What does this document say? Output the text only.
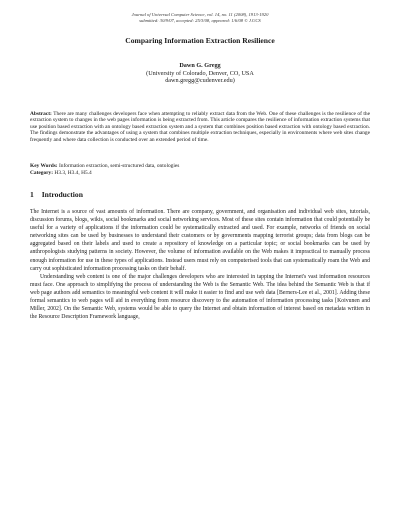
Journal of Universal Computer Science, vol. 14, no. 11 (2008), 1913-1920
submitted: 30/9/07, accepted: 25/3/08, appeared: 1/6/08 © J.UCS
Comparing Information Extraction Resilience
Dawn G. Gregg
(University of Colorado, Denver, CO, USA
dawn.gregg@cudenver.edu)
Abstract: There are many challenges developers face when attempting to reliably extract data from the Web. One of these challenges is the resilience of the extraction system to changes in the web pages information is being extracted from. This article compares the resilience of information extraction systems that use position based extraction with an ontology based extraction system and a system that combines position based extraction with ontology based extraction. The findings demonstrate the advantages of using a system that combines multiple extraction techniques, especially in environments where web sites change frequently and where data collection is conducted over an extended period of time.
Key Words: Information extraction, semi-structured data, ontologies
Category: H3.3, H3.4, H5.4
1 Introduction

The Internet is a source of vast amounts of information. There are company, government, and organisation and individual web sites, tutorials, discussion forums, blogs, wikis, social bookmarks and social networking services. Most of these sites contain information that could potentially be useful for a variety of applications if the information could be systematically extracted and used. For example, networks of friends on social networking sites can be used by businesses to understand their customers or by governments mapping terrorist groups; data from blogs can be aggregated based on their labels and used to create a repository of knowledge on a particular topic; or social bookmarks can be used by anthropologists studying patterns in society. However, the volume of information available on the Web makes it impractical to manually process enough information for use in these types of applications. Instead users must rely on computerised tools that can systematically roam the Web and carry out sophisticated information processing tasks on their behalf.

Understanding web content is one of the major challenges developers who are interested in tapping the Internet's vast information resources must face. One approach to simplifying the process of understanding the Web is the Semantic Web. The idea behind the Semantic Web is that if web page authors add semantics to meaningful web content it will make it easier to find and use web data [Berners-Lee et al., 2001]. Adding these formal semantics to web pages will aid in everything from resource discovery to the automation of information processing tasks [Koivunen and Miller, 2002]. On the Semantic Web, systems would be able to query the Internet and obtain information of interest based on metadata written in the Resource Description Framework language,
